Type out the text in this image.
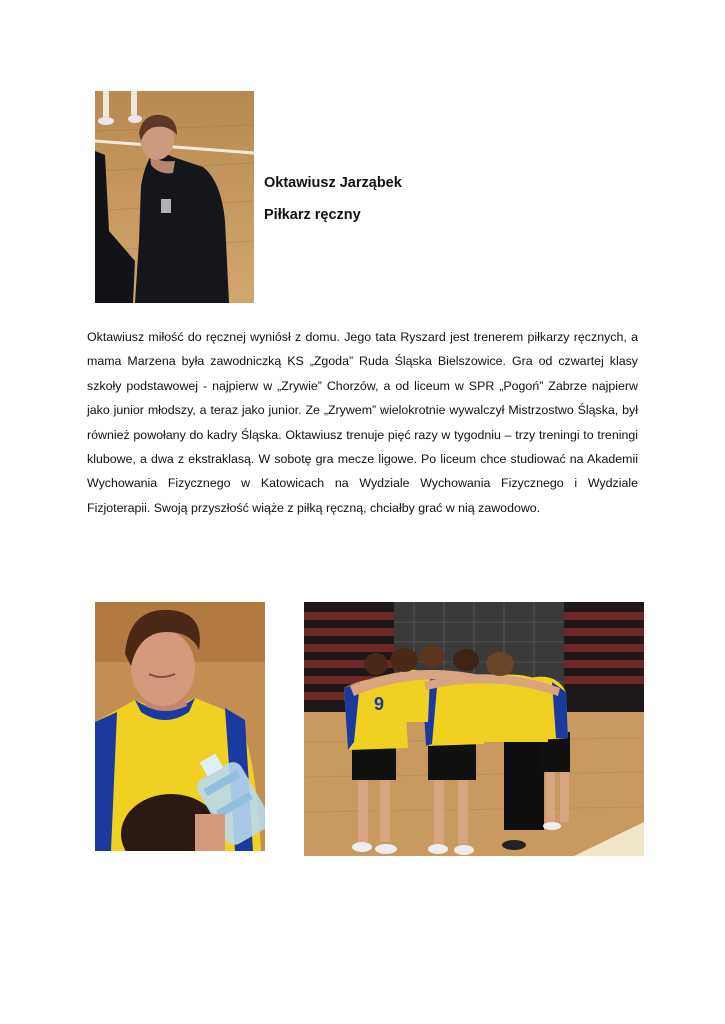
Oktawiusz Jarząbek
Piłkarz ręczny

Oktawiusz miłość do ręcznej wyniósł z domu. Jego tata Ryszard jest trenerem piłkarzy ręcznych, a mama Marzena była zawodniczką KS „Zgoda” Ruda Śląska Bielszowice. Gra od czwartej klasy szkoły podstawowej - najpierw w „Zrywie” Chorzów, a od liceum w SPR „Pogoń” Zabrze najpierw jako junior młodszy, a teraz jako junior. Ze „Zrywem” wielokrotnie wywalczył Mistrzostwo Śląska, był również powołany do kadry Śląska. Oktawiusz trenuje pięć razy w tygodniu – trzy treningi to treningi klubowe, a dwa z ekstraklasą. W sobotę gra mecze ligowe. Po liceum chce studiować na Akademii Wychowania Fizycznego w Katowicach na Wydziale Wychowania Fizycznego i Wydziale Fizjoterapii. Swoją przyszłość wiąże z piłką ręczną, chciałby grać w nią zawodowo.

9
